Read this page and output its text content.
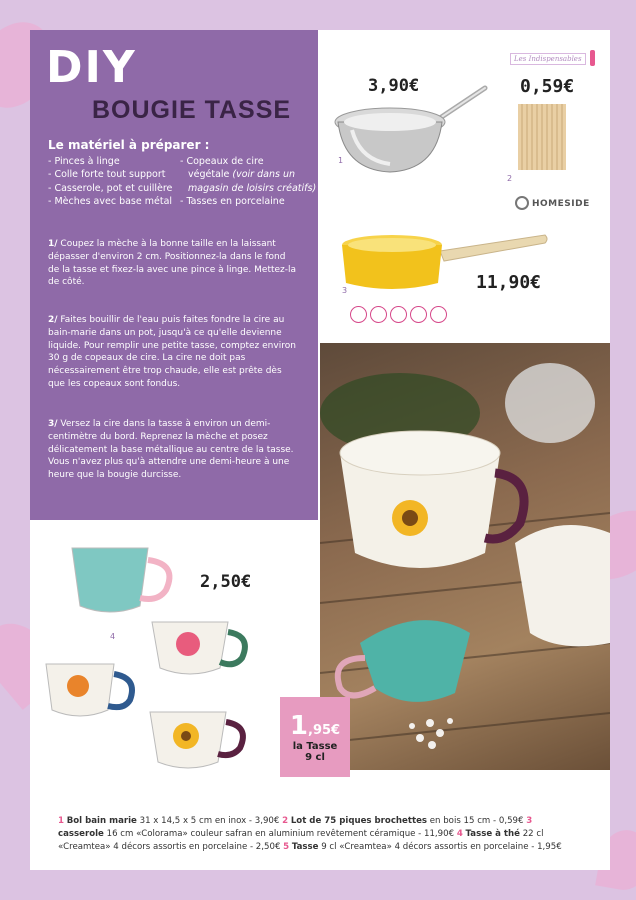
DIY
BOUGIE TASSE
Le matériel à préparer :
- Pinces à linge
- Colle forte tout support
- Casserole, pot et cuillère
- Mèches avec base métal
- Copeaux de cire
végétale (voir dans un
magasin de loisirs créatifs)
- Tasses en porcelaine
1/ Coupez la mèche à la bonne taille en la laissant dépasser d'environ 2 cm. Positionnez-la dans le fond de la tasse et fixez-la avec une pince à linge. Mettez-la de côté.
2/ Faites bouillir de l'eau puis faites fondre la cire au bain-marie dans un pot, jusqu'à ce qu'elle devienne liquide. Pour remplir une petite tasse, comptez environ 30 g de copeaux de cire. La cire ne doit pas nécessairement être trop chaude, elle est prête dès que les copeaux sont fondus.
3/ Versez la cire dans la tasse à environ un demi-centimètre du bord. Reprenez la mèche et posez délicatement la base métallique au centre de la tasse. Vous n'avez plus qu'à attendre une demi-heure à une heure que la bougie durcisse.
1
3,90€
Les Indispensables
0,59€
2
HOMESIDE
3	11,90€
4
2,50€
1,95€
la Tasse
9 cl
1 Bol bain marie 31 x 14,5 x 5 cm en inox - 3,90€ 2 Lot de 75 piques brochettes en bois 15 cm - 0,59€ 3 casserole 16 cm «Colorama» couleur safran en aluminium revêtement céramique - 11,90€ 4 Tasse à thé 22 cl «Creamtea» 4 décors assortis en porcelaine - 2,50€ 5 Tasse 9 cl «Creamtea» 4 décors assortis en porcelaine - 1,95€
